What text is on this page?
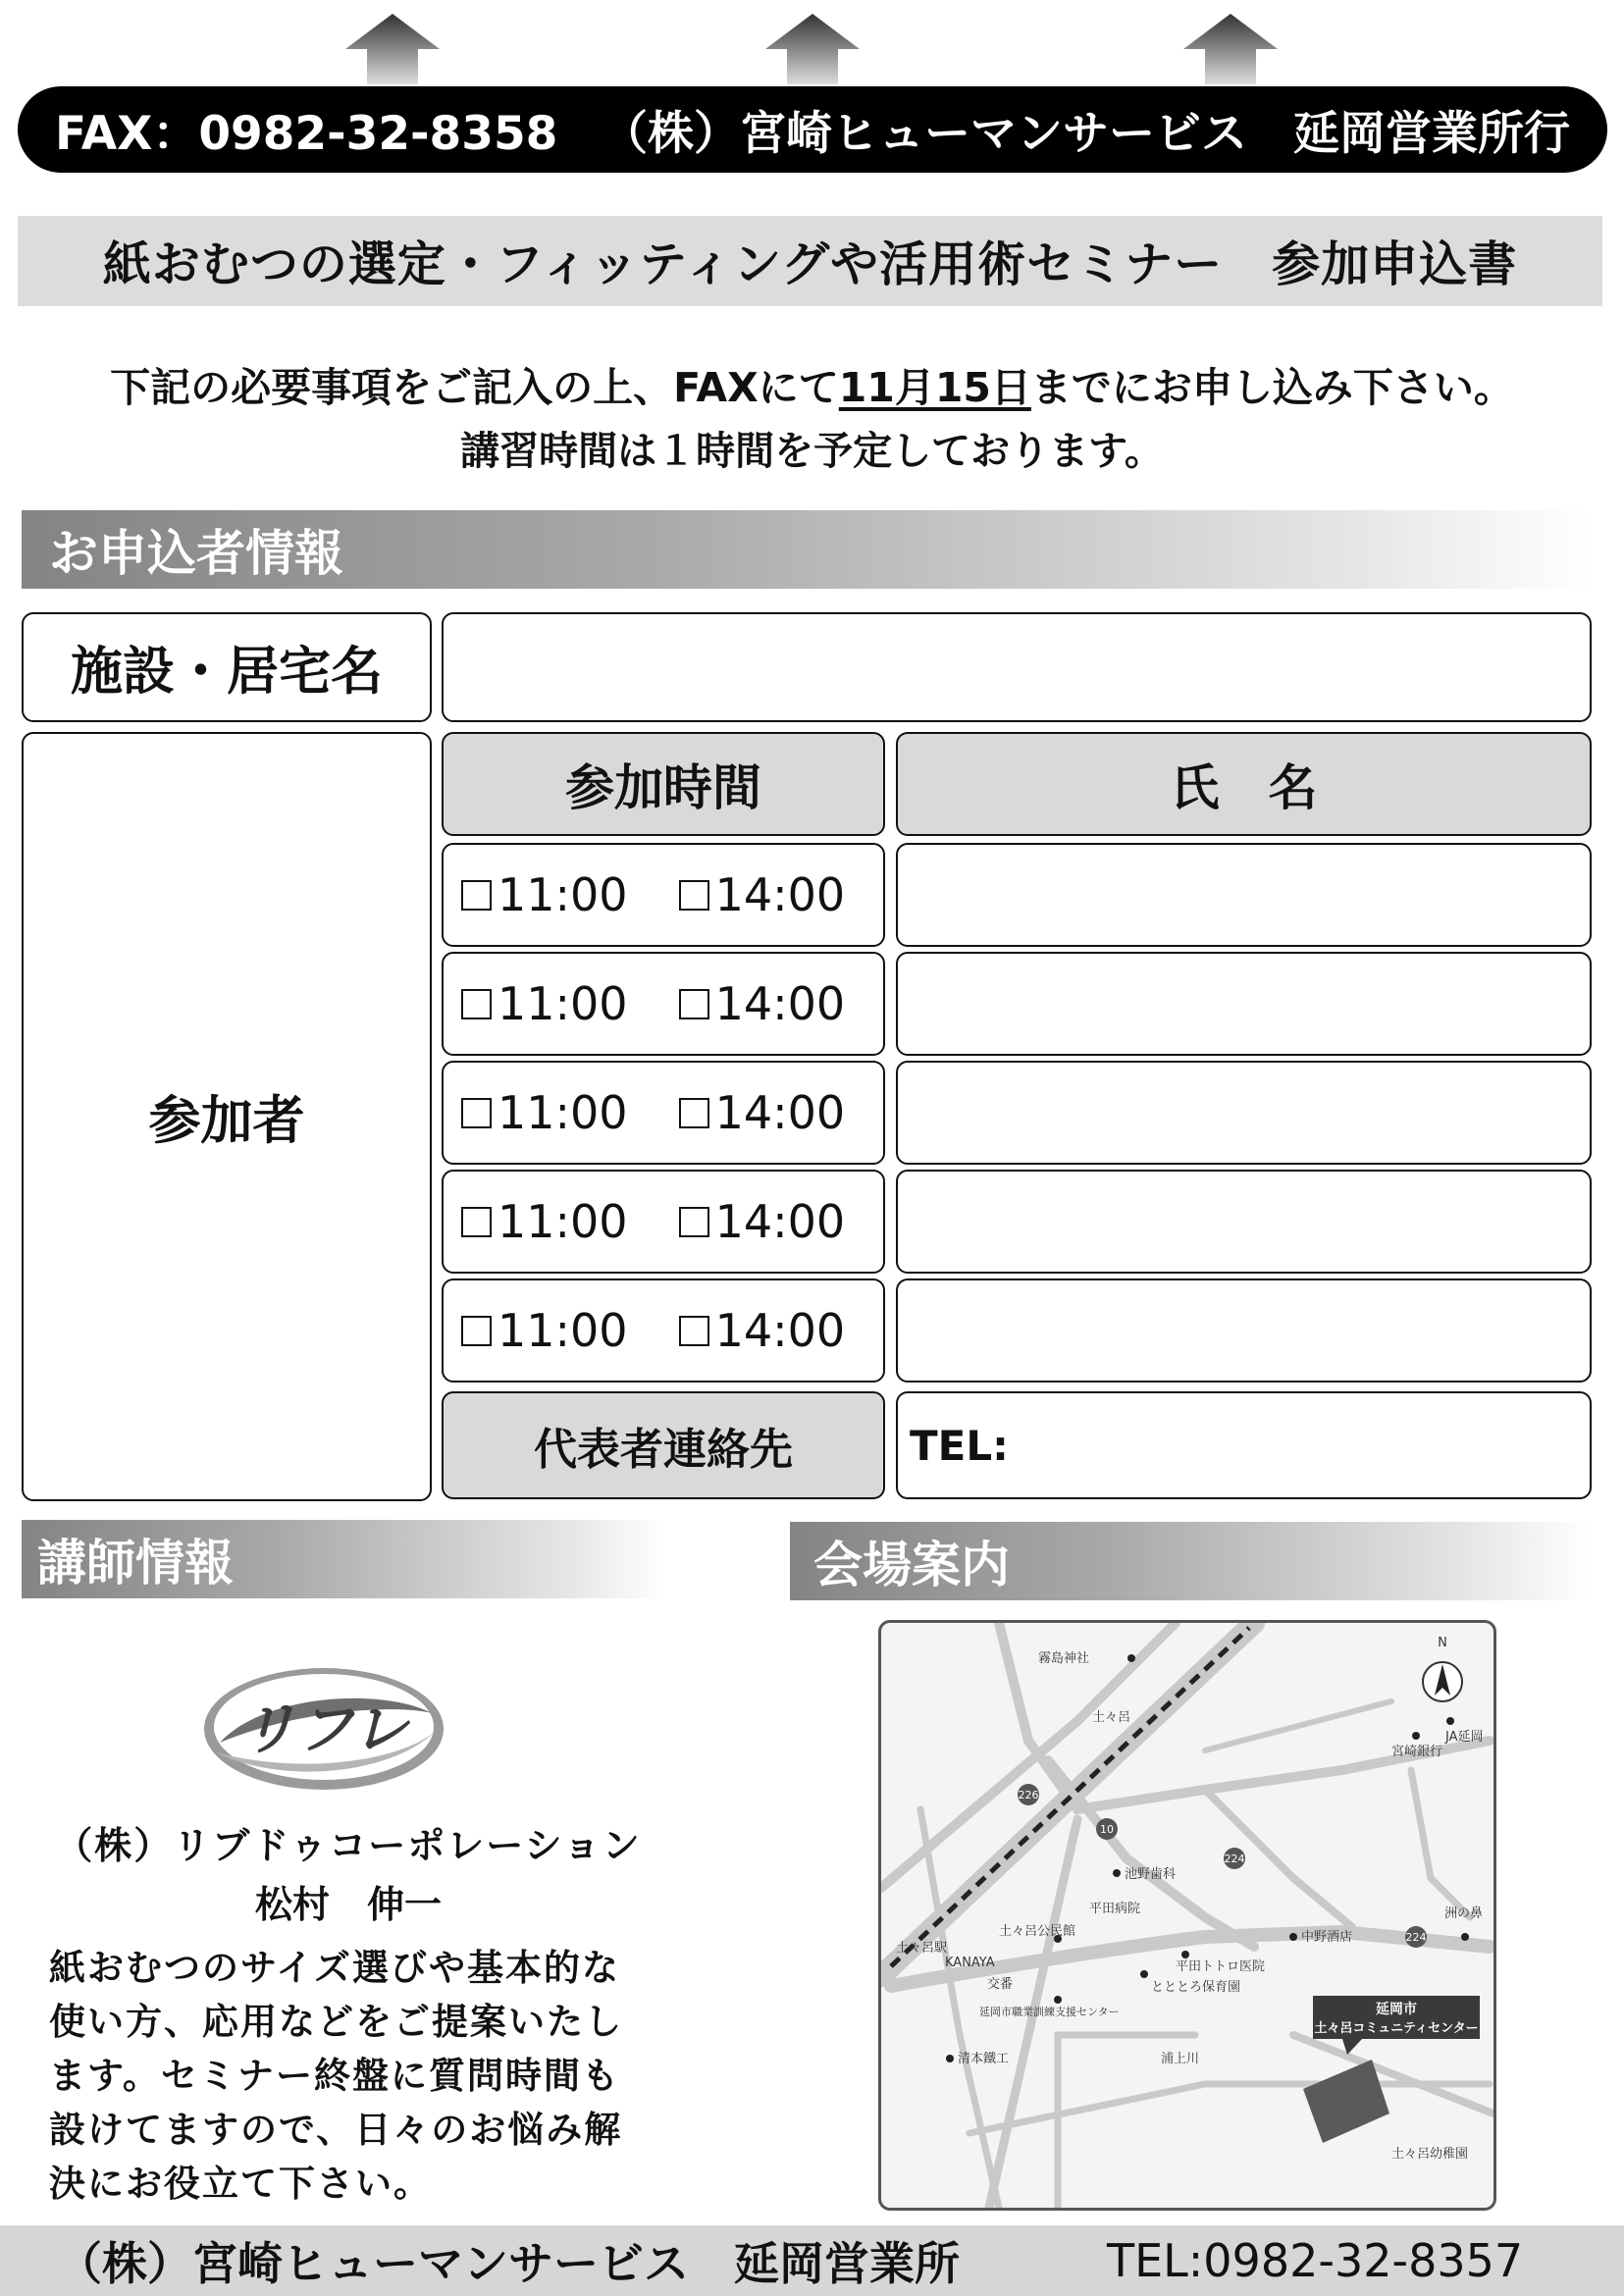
FAX：0982-32-8358 （株）宮崎ヒューマンサービス　延岡営業所行
紙おむつの選定・フィッティングや活用術セミナー　参加申込書
下記の必要事項をご記入の上、FAXにて11月15日までにお申し込み下さい。
講習時間は１時間を予定しております。
お申込者情報
施設・居宅名
参加者
参加時間	氏　名
11:00 14:00
11:00 14:00
11:00 14:00
11:00 14:00
11:00 14:00
代表者連絡先	TEL:
講師情報	会場案内
リフレ
（株）リブドゥコーポレーション
松村　伸一
紙おむつのサイズ選びや基本的な
使い方、応用などをご提案いたし
ます。セミナー終盤に質問時間も
設けてますので、日々のお悩み解
決にお役立て下さい。
延岡市
土々呂コミュニティセンター
N
226
10
224
224
霧島神社
土々呂
宮崎銀行
JA延岡
池野歯科
平田病院	洲の鼻
土々呂駅
KANAYA
交番
土々呂公民館	中野酒店
平田トトロ医院
とととろ保育園
延岡市職業訓練支援センター
清本鐵工	浦上川
土々呂幼稚園
（株）宮崎ヒューマンサービス　延岡営業所	TEL:0982-32-8357
